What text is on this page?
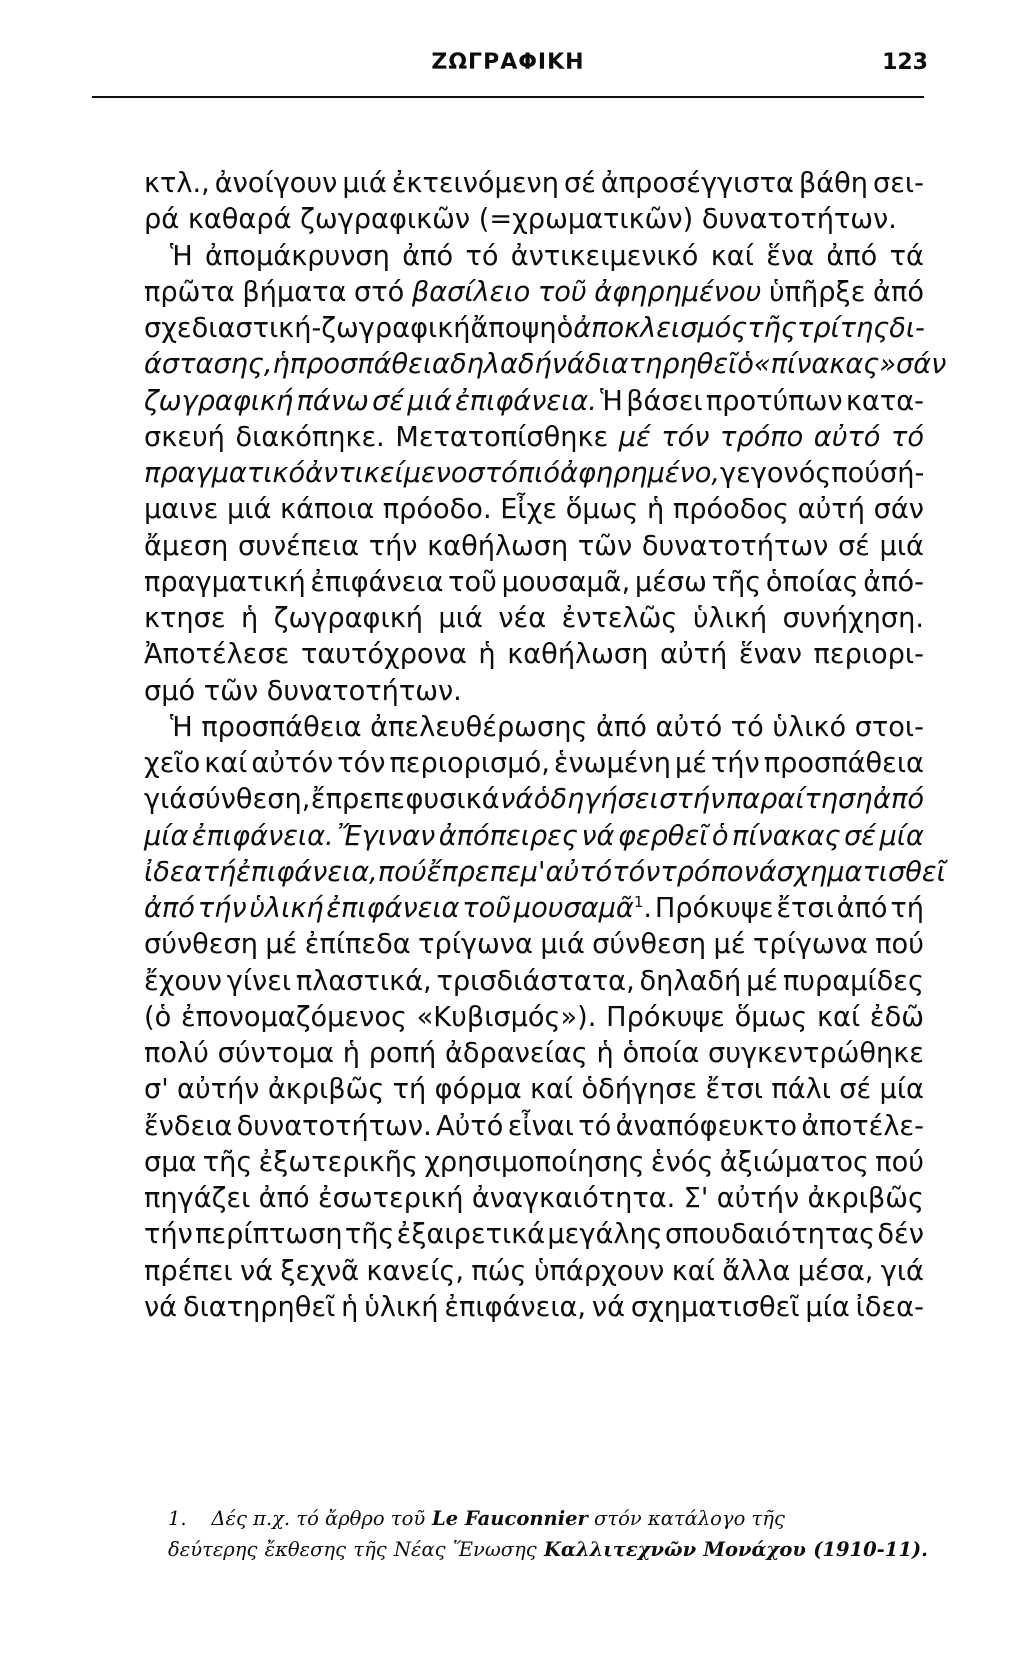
ΖΩΓΡΑΦΙΚΗ	123
κτλ., ἀνοίγουν μιά ἐκτεινόμενη σέ ἀπροσέγγιστα βάθη σει-
ρά καθαρά ζωγραφικῶν (=χρωματικῶν) δυνατοτήτων.
Ἡ ἀπομάκρυνση ἀπό τό ἀντικειμενικό καί ἕνα ἀπό τά
πρῶτα βήματα στό βασίλειο τοῦ ἀφηρημένου ὑπῆρξε ἀπό
σχεδιαστική-ζωγραφική ἄποψη ὁ ἀποκλεισμός τῆς τρίτης δι-
άστασης, ἡ προσπάθεια δηλαδή νά διατηρηθεῖ ὁ «πίνακας» σάν
ζωγραφική πάνω σέ μιά ἐπιφάνεια. Ἡ βάσει προτύπων κατα-
σκευή διακόπηκε. Μετατοπίσθηκε μέ τόν τρόπο αὐτό τό
πραγματικό ἀντικείμενο στό πιό ἀφηρημένο, γεγονός πού σή-
μαινε μιά κάποια πρόοδο. Εἶχε ὅμως ἡ πρόοδος αὐτή σάν
ἄμεση συνέπεια τήν καθήλωση τῶν δυνατοτήτων σέ μιά
πραγματική ἐπιφάνεια τοῦ μουσαμᾶ, μέσω τῆς ὁποίας ἀπό-
κτησε ἡ ζωγραφική μιά νέα ἐντελῶς ὑλική συνήχηση.
Ἀποτέλεσε ταυτόχρονα ἡ καθήλωση αὐτή ἕναν περιορι-
σμό τῶν δυνατοτήτων.
Ἡ προσπάθεια ἀπελευθέρωσης ἀπό αὐτό τό ὑλικό στοι-
χεῖο καί αὐτόν τόν περιορισμό, ἑνωμένη μέ τήν προσπάθεια
γιά σύνθεση, ἔπρεπε φυσικά νά ὁδηγήσει στήν παραίτηση ἀπό
μία ἐπιφάνεια. Ἔγιναν ἀπόπειρες νά φερθεῖ ὁ πίνακας σέ μία
ἰδεατή ἐπιφάνεια, πού ἔπρεπε μ' αὐτό τόν τρόπο νά σχηματισθεῖ
ἀπό τήν ὑλική ἐπιφάνεια τοῦ μουσαμᾶ$^1$. Πρόκυψε ἔτσι ἀπό τή
σύνθεση μέ ἐπίπεδα τρίγωνα μιά σύνθεση μέ τρίγωνα πού
ἔχουν γίνει πλαστικά, τρισδιάστατα, δηλαδή μέ πυραμίδες
(ὁ ἐπονομαζόμενος «Κυβισμός»). Πρόκυψε ὅμως καί ἐδῶ
πολύ σύντομα ἡ ροπή ἀδρανείας ἡ ὁποία συγκεντρώθηκε
σ' αὐτήν ἀκριβῶς τή φόρμα καί ὁδήγησε ἔτσι πάλι σέ μία
ἔνδεια δυνατοτήτων. Αὐτό εἶναι τό ἀναπόφευκτο ἀποτέλε-
σμα τῆς ἐξωτερικῆς χρησιμοποίησης ἑνός ἀξιώματος πού
πηγάζει ἀπό ἐσωτερική ἀναγκαιότητα. Σ' αὐτήν ἀκριβῶς
τήν περίπτωση τῆς ἐξαιρετικά μεγάλης σπουδαιότητας δέν
πρέπει νά ξεχνᾶ κανείς, πώς ὑπάρχουν καί ἄλλα μέσα, γιά
νά διατηρηθεῖ ἡ ὑλική ἐπιφάνεια, νά σχηματισθεῖ μία ἰδεα-
1.	Δές π.χ. τό ἄρθρο τοῦ Le Fauconnier στόν κατάλογο τῆς
δεύτερης ἔκθεσης τῆς Νέας Ἕνωσης Καλλιτεχνῶν Μονάχου (1910-11).
